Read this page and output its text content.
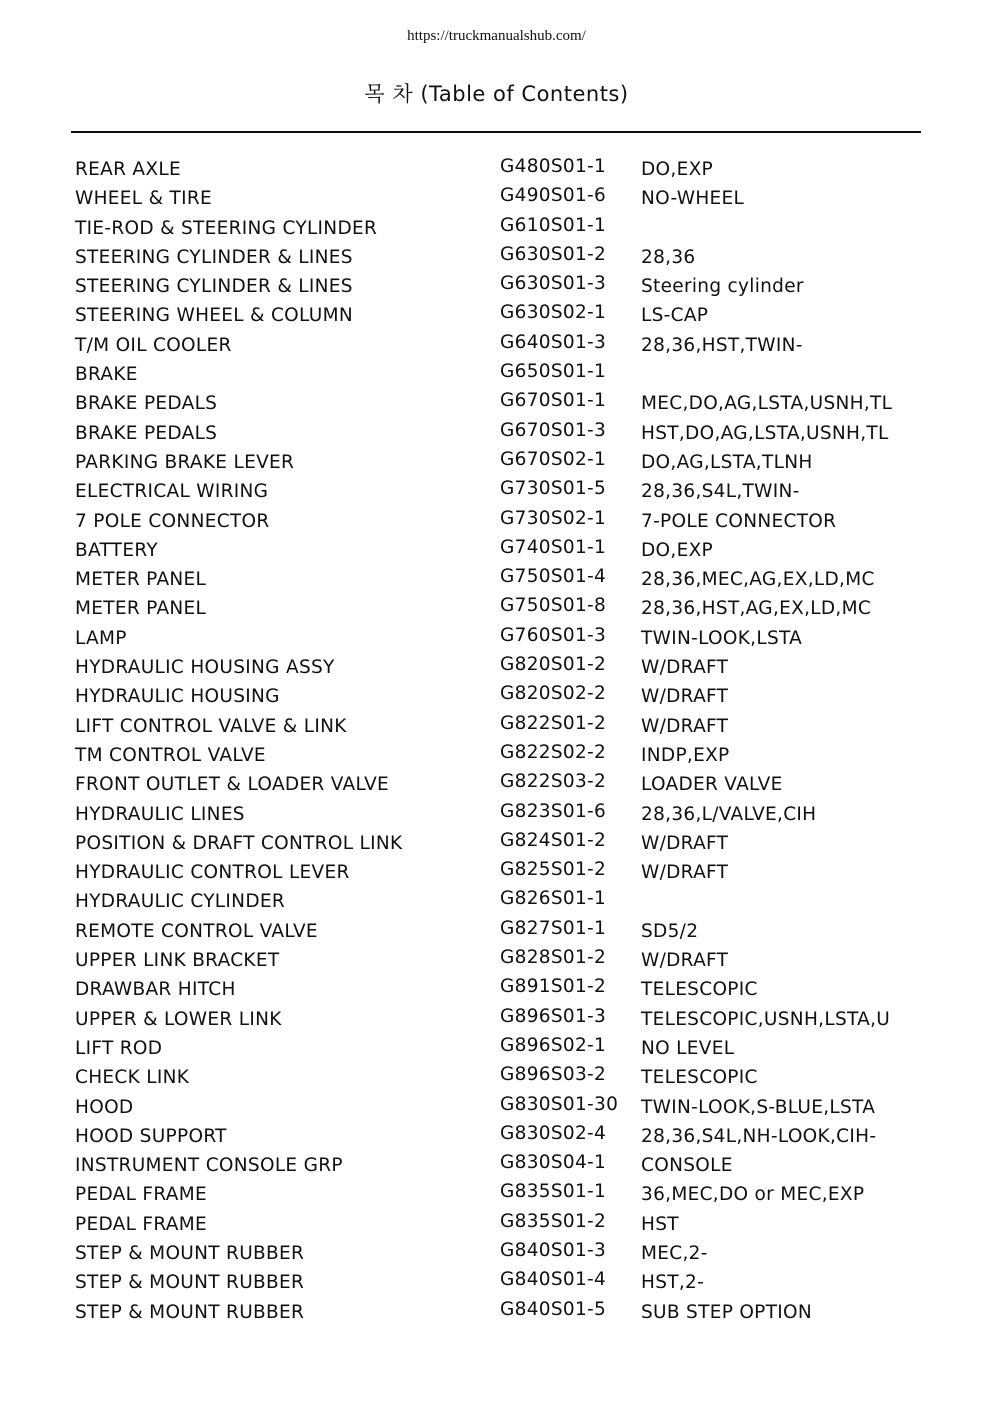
https://truckmanualshub.com/
목 차 (Table of Contents)
REAR AXLE	G480S01-1 DO,EXP
WHEEL & TIRE	G490S01-6 NO-WHEEL
TIE-ROD & STEERING CYLINDER	G610S01-1
STEERING CYLINDER & LINES	G630S01-2 28,36
STEERING CYLINDER & LINES	G630S01-3 Steering cylinder
STEERING WHEEL & COLUMN	G630S02-1 LS-CAP
T/M OIL COOLER	G640S01-3 28,36,HST,TWIN-
BRAKE	G650S01-1
BRAKE PEDALS	G670S01-1 MEC,DO,AG,LSTA,USNH,TL
BRAKE PEDALS	G670S01-3 HST,DO,AG,LSTA,USNH,TL
PARKING BRAKE LEVER	G670S02-1 DO,AG,LSTA,TLNH
ELECTRICAL WIRING	G730S01-5 28,36,S4L,TWIN-
7 POLE CONNECTOR	G730S02-1 7-POLE CONNECTOR
BATTERY	G740S01-1 DO,EXP
METER PANEL	G750S01-4 28,36,MEC,AG,EX,LD,MC
METER PANEL	G750S01-8 28,36,HST,AG,EX,LD,MC
LAMP	G760S01-3 TWIN-LOOK,LSTA
HYDRAULIC HOUSING ASSY	G820S01-2 W/DRAFT
HYDRAULIC HOUSING	G820S02-2 W/DRAFT
LIFT CONTROL VALVE & LINK	G822S01-2 W/DRAFT
TM CONTROL VALVE	G822S02-2 INDP,EXP
FRONT OUTLET & LOADER VALVE	G822S03-2 LOADER VALVE
HYDRAULIC LINES	G823S01-6 28,36,L/VALVE,CIH
POSITION & DRAFT CONTROL LINK	G824S01-2 W/DRAFT
HYDRAULIC CONTROL LEVER	G825S01-2 W/DRAFT
HYDRAULIC CYLINDER	G826S01-1
REMOTE CONTROL VALVE	G827S01-1 SD5/2
UPPER LINK BRACKET	G828S01-2 W/DRAFT
DRAWBAR HITCH	G891S01-2 TELESCOPIC
UPPER & LOWER LINK	G896S01-3 TELESCOPIC,USNH,LSTA,U
LIFT ROD	G896S02-1 NO LEVEL
CHECK LINK	G896S03-2 TELESCOPIC
HOOD	G830S01-30 TWIN-LOOK,S-BLUE,LSTA
HOOD SUPPORT	G830S02-4 28,36,S4L,NH-LOOK,CIH-
INSTRUMENT CONSOLE GRP	G830S04-1 CONSOLE
PEDAL FRAME	G835S01-1 36,MEC,DO or MEC,EXP
PEDAL FRAME	G835S01-2 HST
STEP & MOUNT RUBBER	G840S01-3 MEC,2-
STEP & MOUNT RUBBER	G840S01-4 HST,2-
STEP & MOUNT RUBBER	G840S01-5 SUB STEP OPTION
